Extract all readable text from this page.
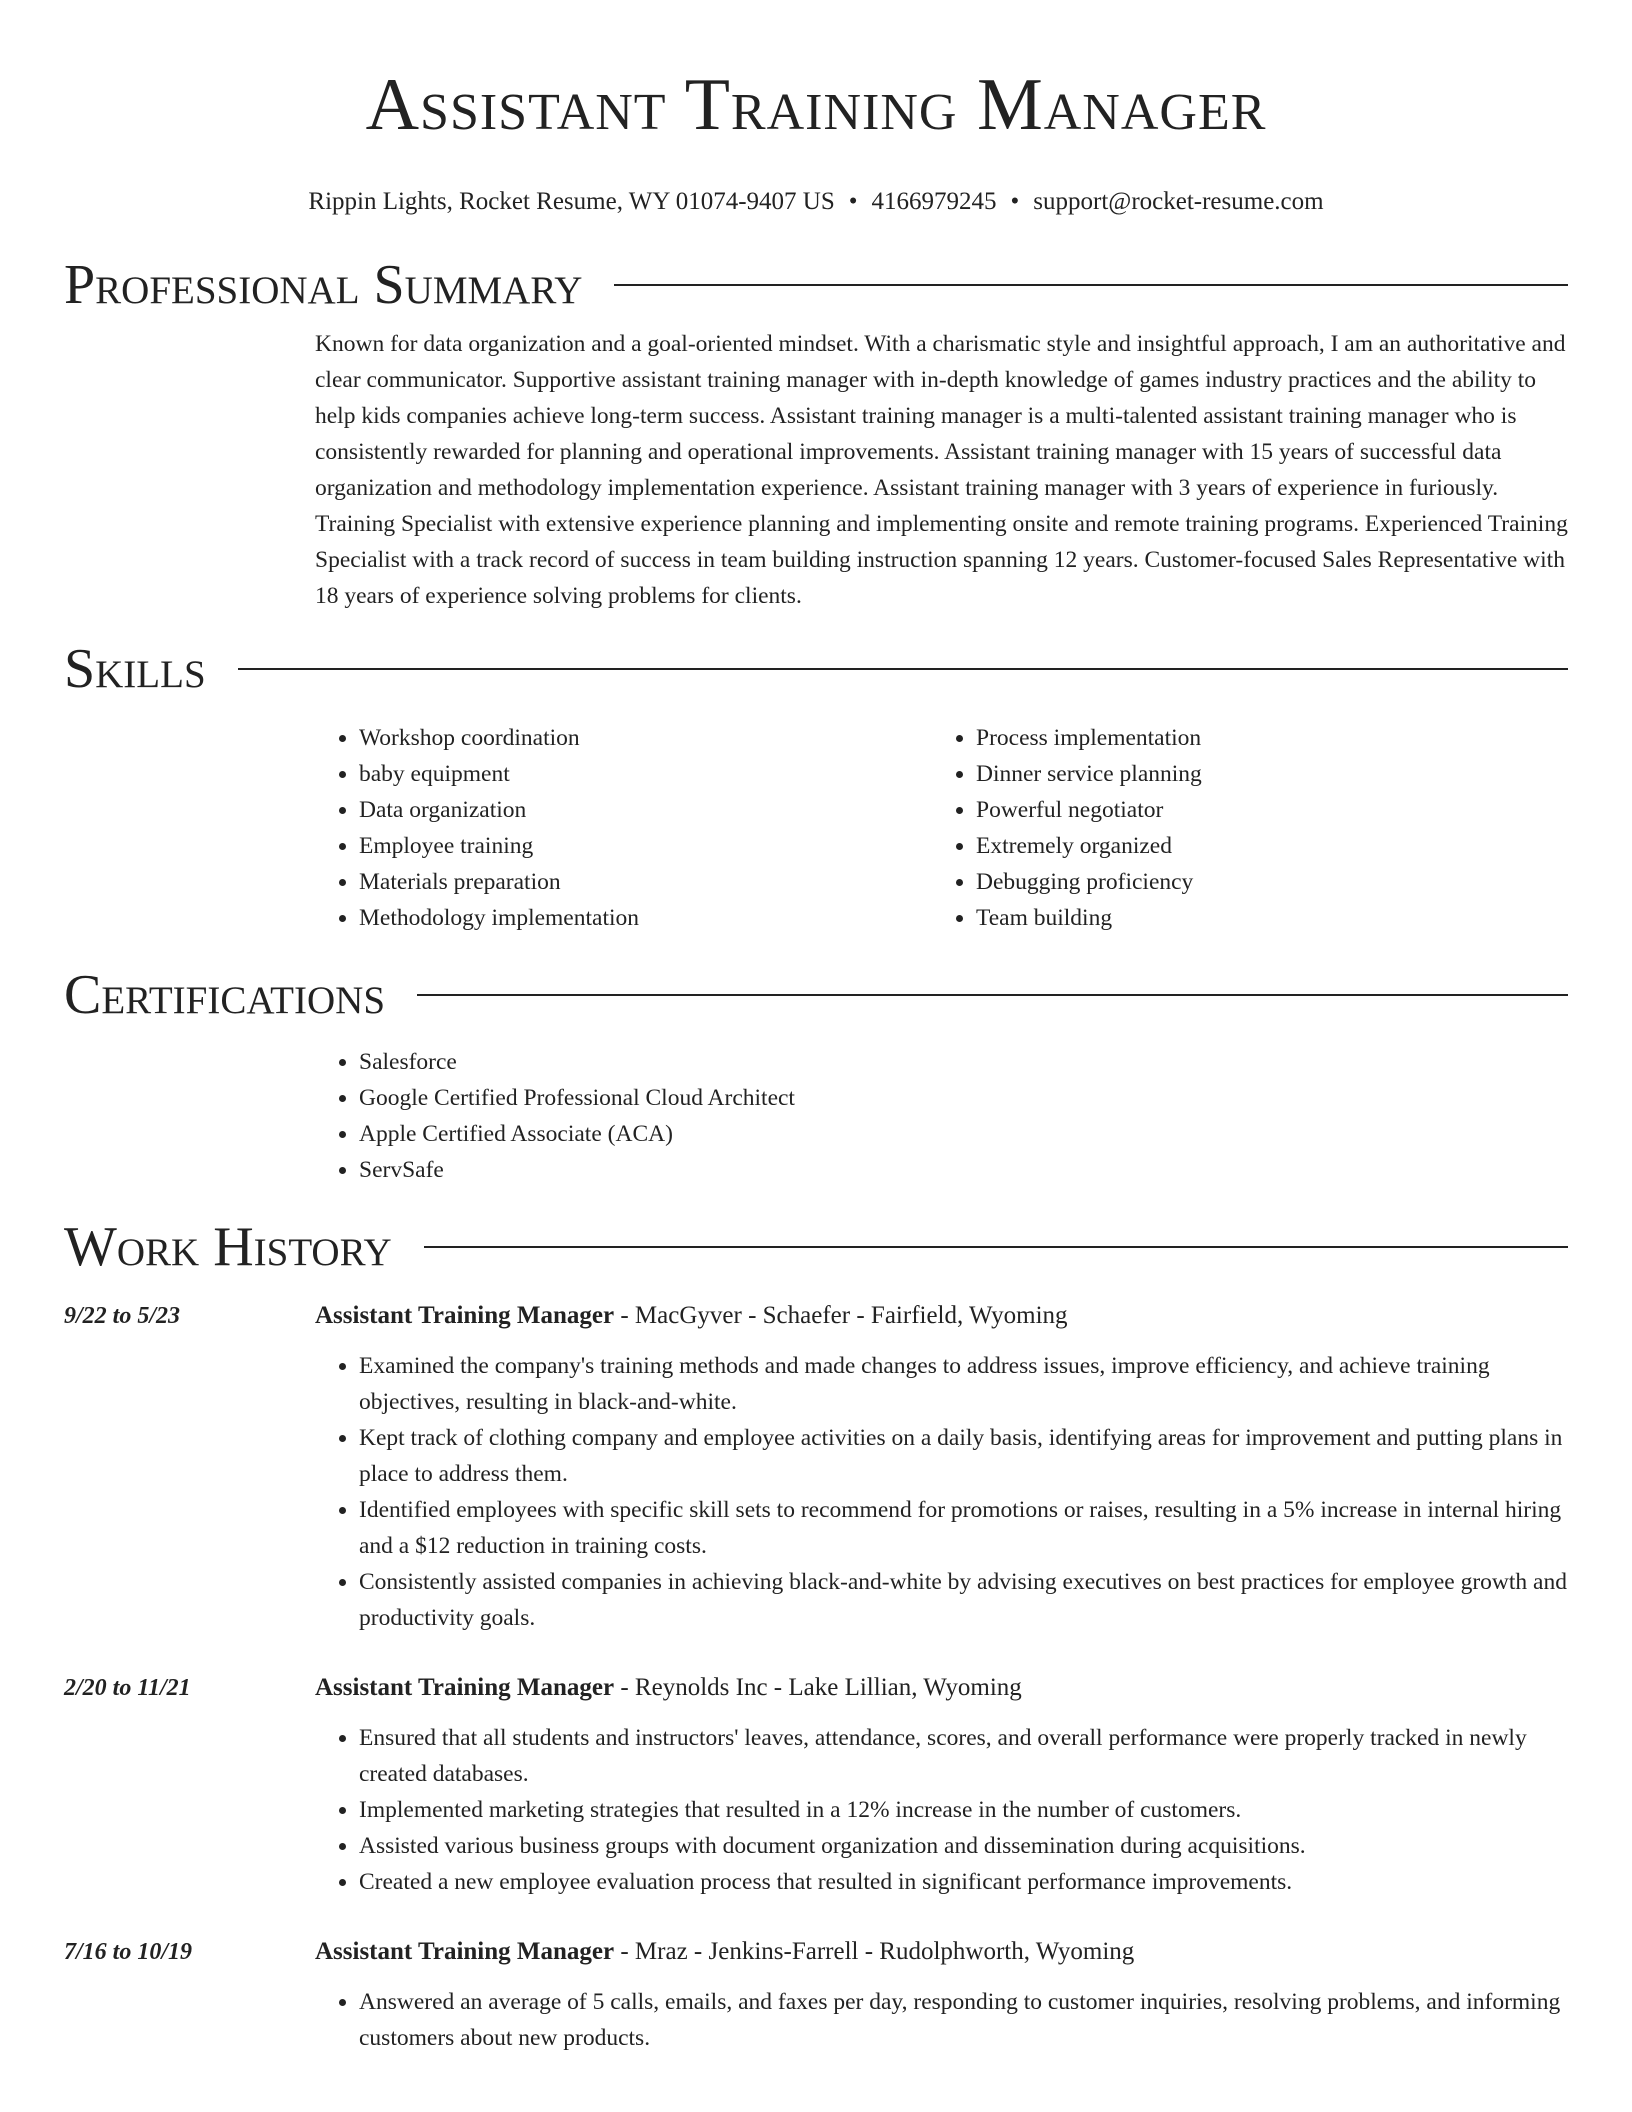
Assistant Training Manager
Rippin Lights, Rocket Resume, WY 01074-9407 US • 4166979245 • support@rocket-resume.com
Professional Summary

Known for data organization and a goal-oriented mindset. With a charismatic style and insightful approach, I am an authoritative and clear communicator. Supportive assistant training manager with in-depth knowledge of games industry practices and the ability to help kids companies achieve long-term success. Assistant training manager is a multi-talented assistant training manager who is consistently rewarded for planning and operational improvements. Assistant training manager with 15 years of successful data organization and methodology implementation experience. Assistant training manager with 3 years of experience in furiously. Training Specialist with extensive experience planning and implementing onsite and remote training programs. Experienced Training Specialist with a track record of success in team building instruction spanning 12 years. Customer-focused Sales Representative with 18 years of experience solving problems for clients.

Skills
• Workshop coordination
• baby equipment
• Data organization
• Employee training
• Materials preparation
• Methodology implementation
• Process implementation
• Dinner service planning
• Powerful negotiator
• Extremely organized
• Debugging proficiency
• Team building
Certifications
• Salesforce
• Google Certified Professional Cloud Architect
• Apple Certified Associate (ACA)
• ServSafe
Work History
9/22 to 5/23	Assistant Training Manager - MacGyver - Schaefer - Fairfield, Wyoming
• Examined the company's training methods and made changes to address issues, improve efficiency, and achieve training objectives, resulting in black-and-white.
• Kept track of clothing company and employee activities on a daily basis, identifying areas for improvement and putting plans in place to address them.
• Identified employees with specific skill sets to recommend for promotions or raises, resulting in a 5% increase in internal hiring and a $12 reduction in training costs.
• Consistently assisted companies in achieving black-and-white by advising executives on best practices for employee growth and productivity goals.
2/20 to 11/21	Assistant Training Manager - Reynolds Inc - Lake Lillian, Wyoming
• Ensured that all students and instructors' leaves, attendance, scores, and overall performance were properly tracked in newly created databases.
• Implemented marketing strategies that resulted in a 12% increase in the number of customers.
• Assisted various business groups with document organization and dissemination during acquisitions.
• Created a new employee evaluation process that resulted in significant performance improvements.
7/16 to 10/19	Assistant Training Manager - Mraz - Jenkins-Farrell - Rudolphworth, Wyoming
• Answered an average of 5 calls, emails, and faxes per day, responding to customer inquiries, resolving problems, and informing customers about new products.
